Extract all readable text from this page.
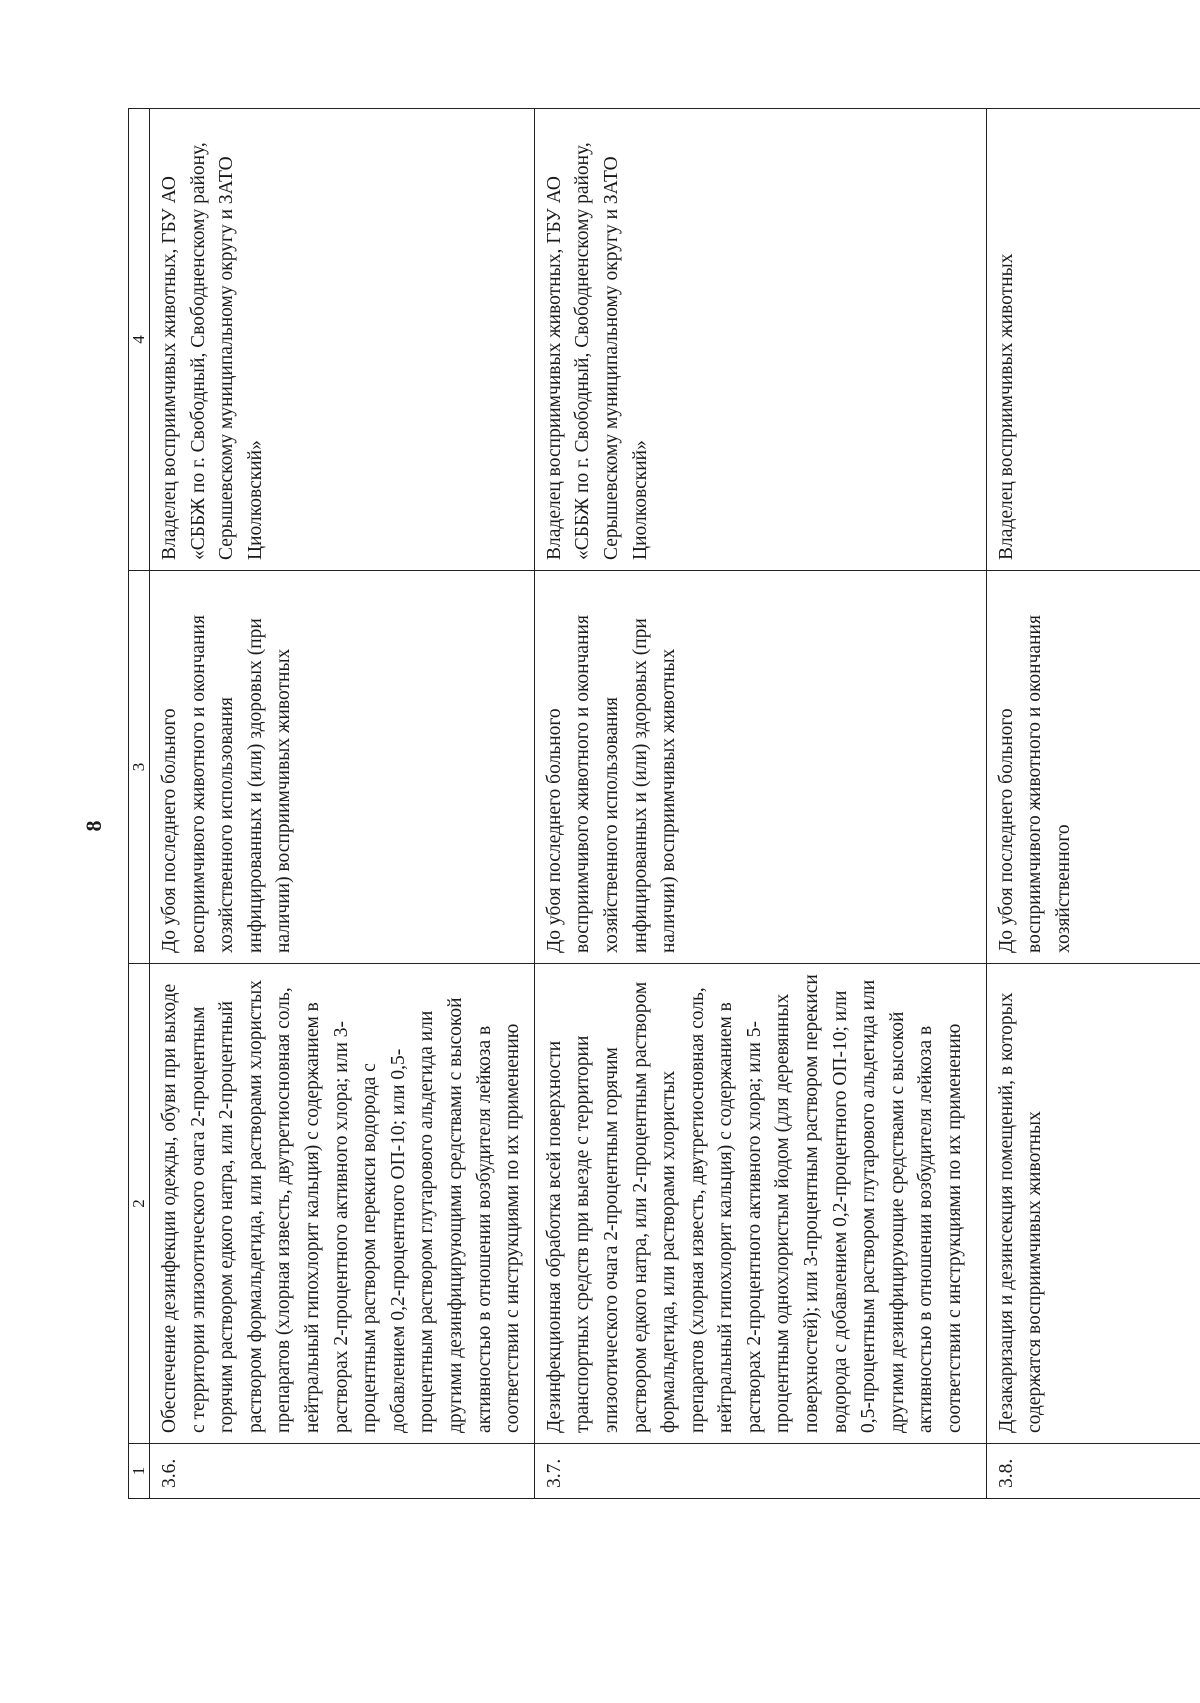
8
1	2	3	4
3.6.	Обеспечение дезинфекции одежды, обуви при выходе с территории эпизоотического очага 2-процентным горячим раствором едкого натра, или 2-процентный раствором формальдегида, или растворами хлористых препаратов (хлорная известь, двутретиосновная соль, нейтральный гипохлорит кальция) с содержанием в растворах 2-процентного активного хлора; или 3-процентным раствором перекиси водорода с добавлением 0,2-процентного ОП-10; или 0,5-процентным раствором глутарового альдегида или другими дезинфицирующими средствами с высокой активностью в отношении возбудителя лейкоза в соответствии с инструкциями по их применению	До убоя последнего больного восприимчивого животного и окончания хозяйственного использования инфицированных и (или) здоровых (при наличии) восприимчивых животных	Владелец восприимчивых животных, ГБУ АО «СББЖ по г. Свободный, Свободненскому району, Серышевскому муниципальному округу и ЗАТО Циолковский»
3.7.	Дезинфекционная обработка всей поверхности транспортных средств при выезде с территории эпизоотического очага 2-процентным горячим раствором едкого натра, или 2-процентным раствором формальдегида, или растворами хлористых препаратов (хлорная известь, двутретиосновная соль, нейтральный гипохлорит кальция) с содержанием в растворах 2-процентного активного хлора; или 5-процентным однохлористым йодом (для деревянных поверхностей); или 3-процентным раствором перекиси водорода с добавлением 0,2-процентного ОП-10; или 0,5-процентным раствором глутарового альдегида или другими дезинфицирующие средствами с высокой активностью в отношении возбудителя лейкоза в соответствии с инструкциями по их применению	До убоя последнего больного восприимчивого животного и окончания хозяйственного использования инфицированных и (или) здоровых (при наличии) восприимчивых животных	Владелец восприимчивых животных, ГБУ АО «СББЖ по г. Свободный, Свободненскому району, Серышевскому муниципальному округу и ЗАТО Циолковский»
3.8.	Дезакаризация и дезинсекция помещений, в которых содержатся восприимчивых животных	До убоя последнего больного восприимчивого животного и окончания хозяйственного	Владелец восприимчивых животных
